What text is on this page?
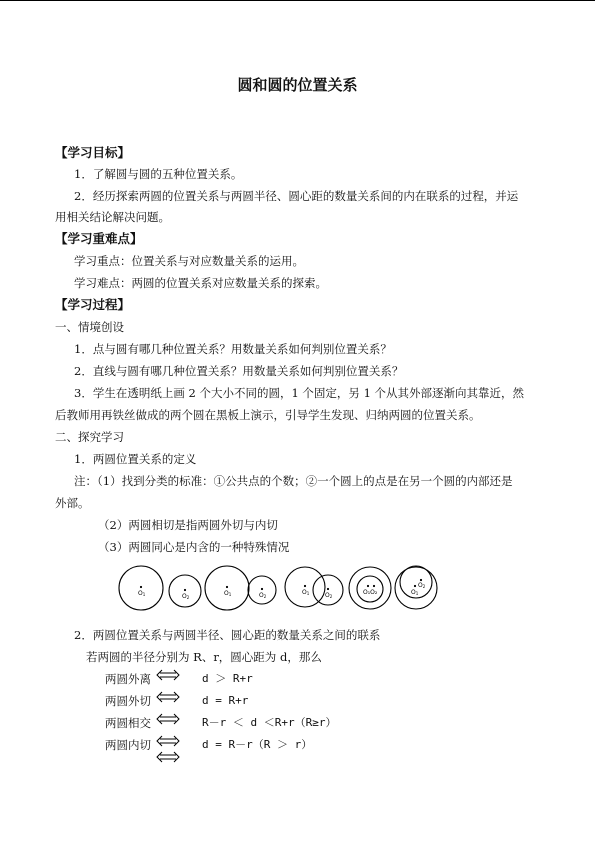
圆和圆的位置关系
【学习目标】
1．了解圆与圆的五种位置关系。
2．经历探索两圆的位置关系与两圆半径、圆心距的数量关系间的内在联系的过程，并运
用相关结论解决问题。
【学习重难点】
学习重点：位置关系与对应数量关系的运用。
学习难点：两圆的位置关系对应数量关系的探索。
【学习过程】
一、情境创设
1．点与圆有哪几种位置关系？用数量关系如何判别位置关系？
2．直线与圆有哪几种位置关系？用数量关系如何判别位置关系？
3．学生在透明纸上画 2 个大小不同的圆，1 个固定，另 1 个从其外部逐渐向其靠近，然
后教师用再铁丝做成的两个圆在黑板上演示，引导学生发现、归纳两圆的位置关系。
二、探究学习
1．两圆位置关系的定义
注：（1）找到分类的标准：①公共点的个数；②一个圆上的点是在另一个圆的内部还是
外部。
（2）两圆相切是指两圆外切与内切
（3）两圆同心是内含的一种特殊情况
O1	O2
O1	O2
O1	O2
O₁O₂	O1
O2
2．两圆位置关系与两圆半径、圆心距的数量关系之间的联系
若两圆的半径分别为 R、r，圆心距为 d，那么
两圆外离	d ＞ R+r
两圆外切	d = R+r
两圆相交	R－r ＜ d ＜R+r（R≥r）
两圆内切	d = R－r（R ＞ r）
